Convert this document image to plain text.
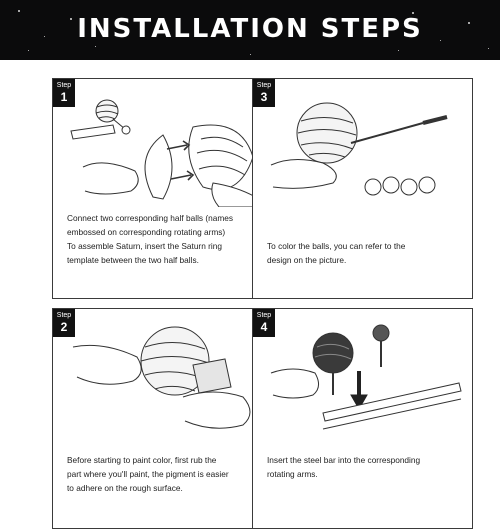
INSTALLATION STEPS
Step
1
Connect two corresponding half balls (names
embossed on corresponding rotating arms)
To assemble Saturn, insert the Saturn ring
template between the two half balls.
Step
3
To color the balls, you can refer to the
design on the picture.
Step
2
Before starting to paint color, first rub the
part where you'll paint, the pigment is easier
to adhere on the rough surface.
Step
4
Insert the steel bar into the corresponding
rotating arms.
